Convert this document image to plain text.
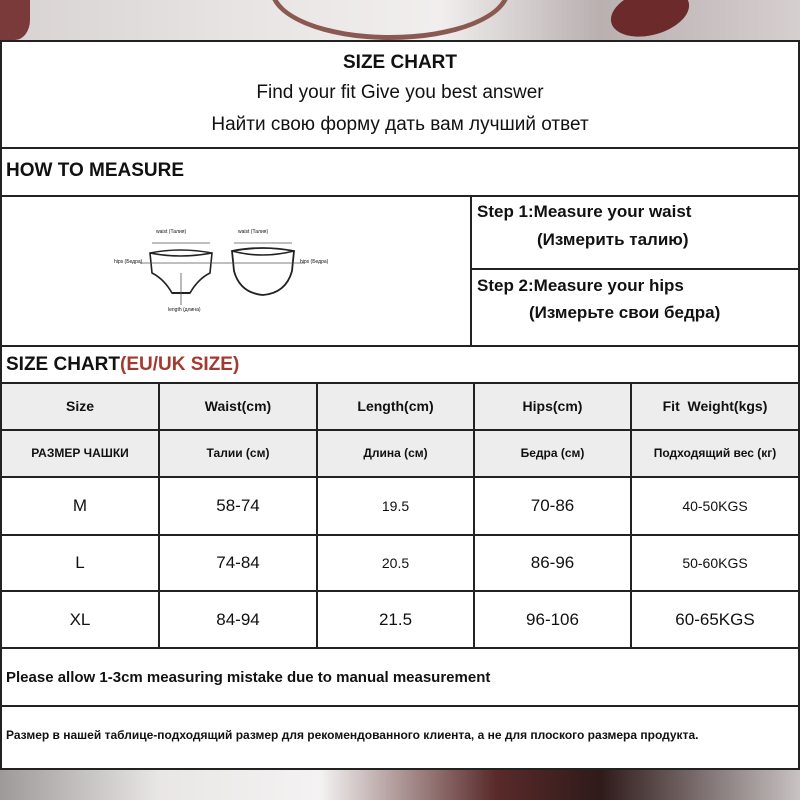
SIZE CHART
Find your fit Give you best answer
Найти свою форму дать вам лучший ответ
HOW TO MEASURE
waist (Талия)	waist (Талия)
hips (Бедра)	hips (Бедра)
length (длина)
Step 1:Measure your waist
(Измерить талию)
Step 2:Measure your hips
(Измерьте свои бедра)
SIZE CHART(EU/UK SIZE)
Size	Waist(cm)	Length(cm)	Hips(cm)	Fit  Weight(kgs)
РАЗМЕР ЧАШКИ	Талии (см)	Длина (см)	Бедра (см)	Подходящий вес (кг)
M	58-74	19.5	70-86	40-50KGS
L	74-84	20.5	86-96	50-60KGS
XL	84-94	21.5	96-106	60-65KGS
Please allow 1-3cm measuring mistake due to manual measurement
Размер в нашей таблице-подходящий размер для рекомендованного клиента, а не для плоского размера продукта.
